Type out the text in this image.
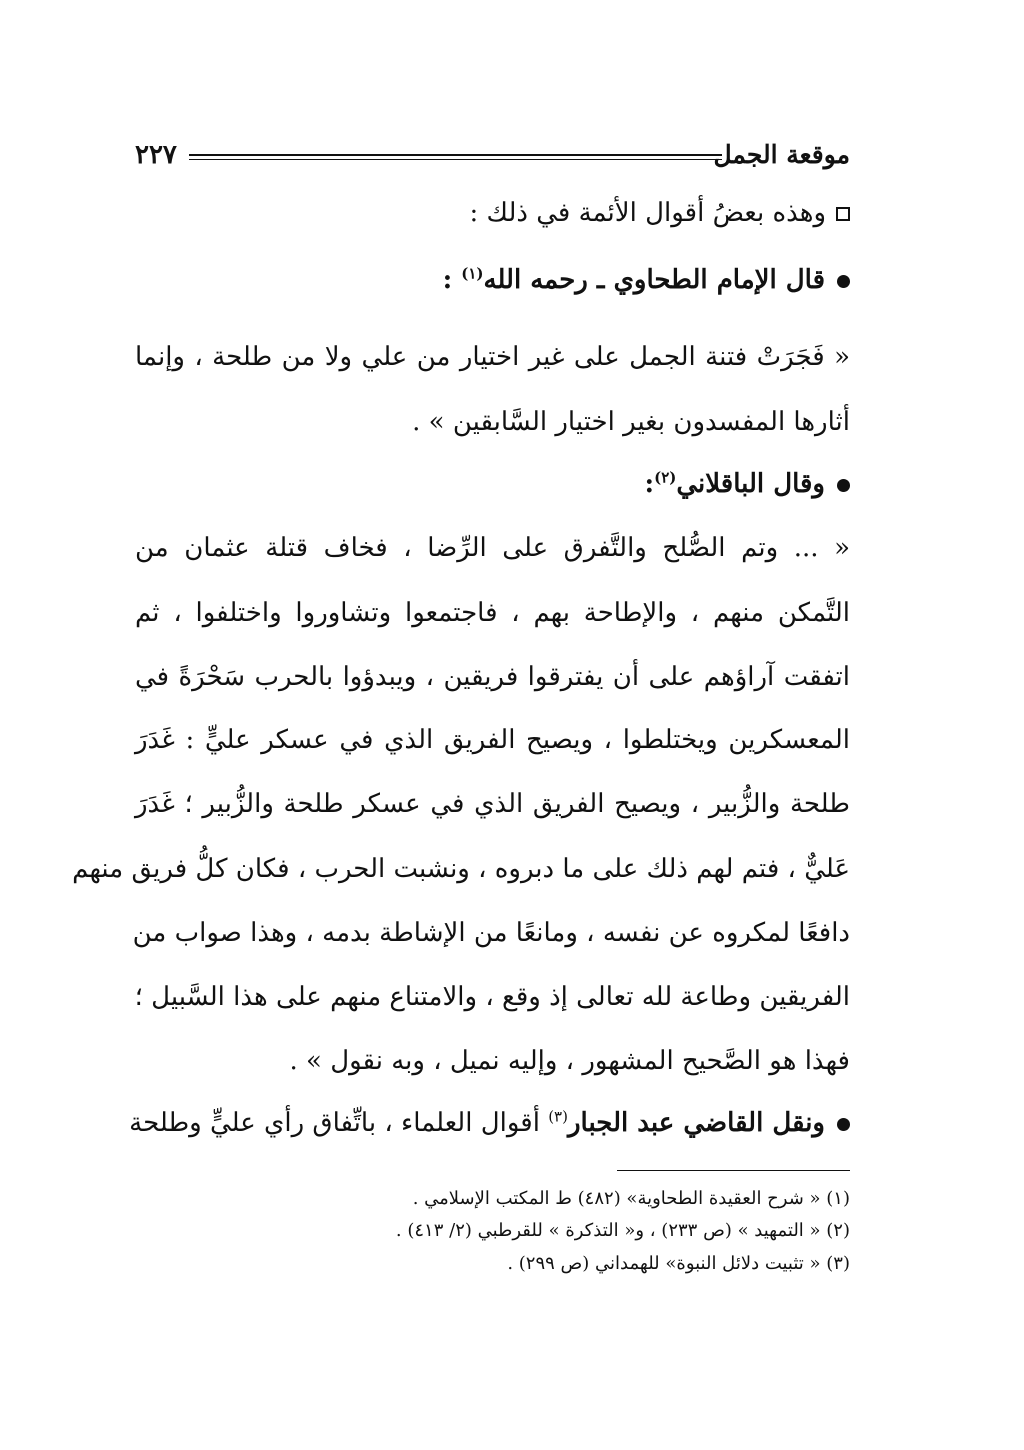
٢٢٧	موقعة الجمل
وهذه بعضُ أقوال الأئمة في ذلك :
قال الإمام الطحاوي ـ رحمه الله$^{(١)}$ :
« فَجَرَتْ فتنة الجمل على غير اختيار من علي ولا من طلحة ، وإنما
أثارها المفسدون بغير اختيار السَّابقين » .
وقال الباقلاني$^{(٢)}$:
« ... وتم الصُّلح والتَّفرق على الرِّضا ، فخاف قتلة عثمان من
التَّمكن منهم ، والإطاحة بهم ، فاجتمعوا وتشاوروا واختلفوا ، ثم
اتفقت آراؤهم على أن يفترقوا فريقين ، ويبدؤوا بالحرب سَحْرَةً في
المعسكرين ويختلطوا ، ويصيح الفريق الذي في عسكر عليٍّ : غَدَرَ
طلحة والزُّبير ، ويصيح الفريق الذي في عسكر طلحة والزُّبير ؛ غَدَرَ
عَليٌّ ، فتم لهم ذلك على ما دبروه ، ونشبت الحرب ، فكان كلُّ فريق منهم
دافعًا لمكروه عن نفسه ، ومانعًا من الإشاطة بدمه ، وهذا صواب من
الفريقين وطاعة لله تعالى إذ وقع ، والامتناع منهم على هذا السَّبيل ؛
فهذا هو الصَّحيح المشهور ، وإليه نميل ، وبه نقول » .
ونقل القاضي عبد الجبار$^{(٣)}$ أقوال العلماء ، باتِّفاق رأي عليٍّ وطلحة
(١) « شرح العقيدة الطحاوية» (٤٨٢) ط المكتب الإسلامي .
(٢) « التمهيد » (ص ٢٣٣) ، و« التذكرة » للقرطبي (٢/ ٤١٣) .
(٣) « تثبيت دلائل النبوة» للهمداني (ص ٢٩٩) .
